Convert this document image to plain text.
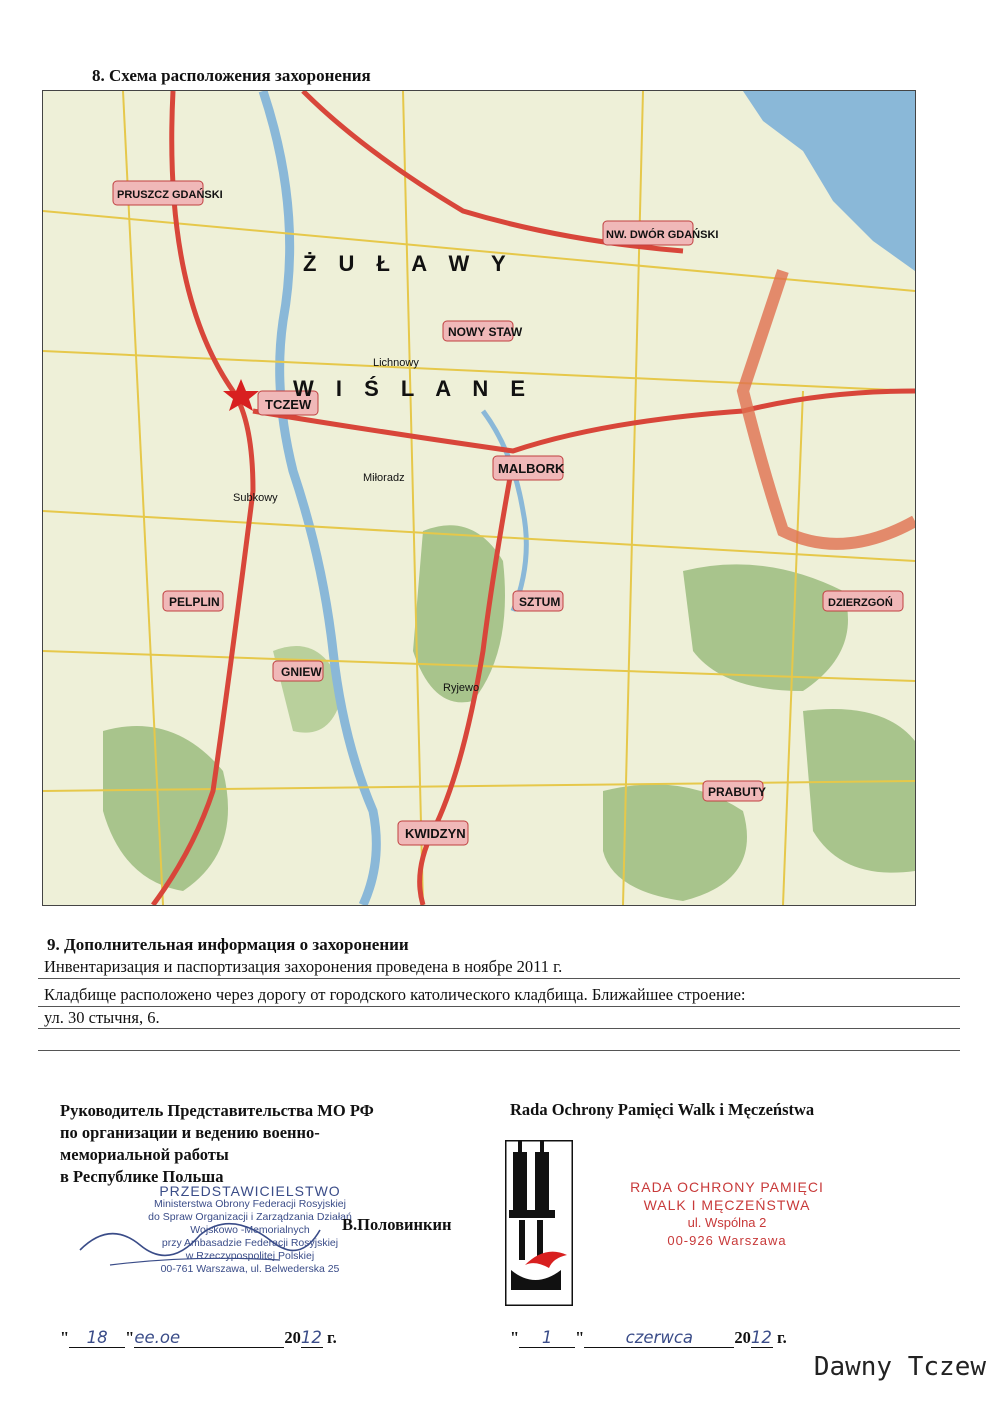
8. Схема расположения захоронения
Ż U Ł A W Y
W I Ś L A N E
TCZEW
MALBORK
KWIDZYN
PELPLIN
GNIEW
SZTUM
NOWY STAW
PRUSZCZ GDAŃSKI
NW. DWÓR GDAŃSKI
PRABUTY
DZIERZGOŃ
Subkowy
Miłoradz
Lichnowy
Ryjewo
9. Дополнительная информация о захоронении
Инвентаризация и паспортизация захоронения проведена в ноябре 2011 г.
Кладбище расположено через дорогу от городского католического кладбища. Ближайшее строение:
ул. 30 стычня, 6.
Руководитель Представительства МО РФ
по организации и ведению военно-
мемориальной работы
в Республике Польша
PRZEDSTAWICIELSTWO
Ministerstwa Obrony Federacji Rosyjskiej
do Spraw Organizacji i Zarządzania Działań
Wojskowo -Memorialnych
przy Ambasadzie Federacji Rosyjskiej
w Rzeczypospolitej Polskiej
00-761 Warszawa, ul. Belwederska 25
В.Половинкин
Rada Ochrony Pamięci Walk i Męczeństwa
RADA OCHRONY PAMIĘCI
WALK I MĘCZEŃSTWA
ul. Wspólna 2
00-926 Warszawa
" 18 "ee.oe	2012 г.	" 1 "	czerwca	2012 г.
Dawny Tczew
